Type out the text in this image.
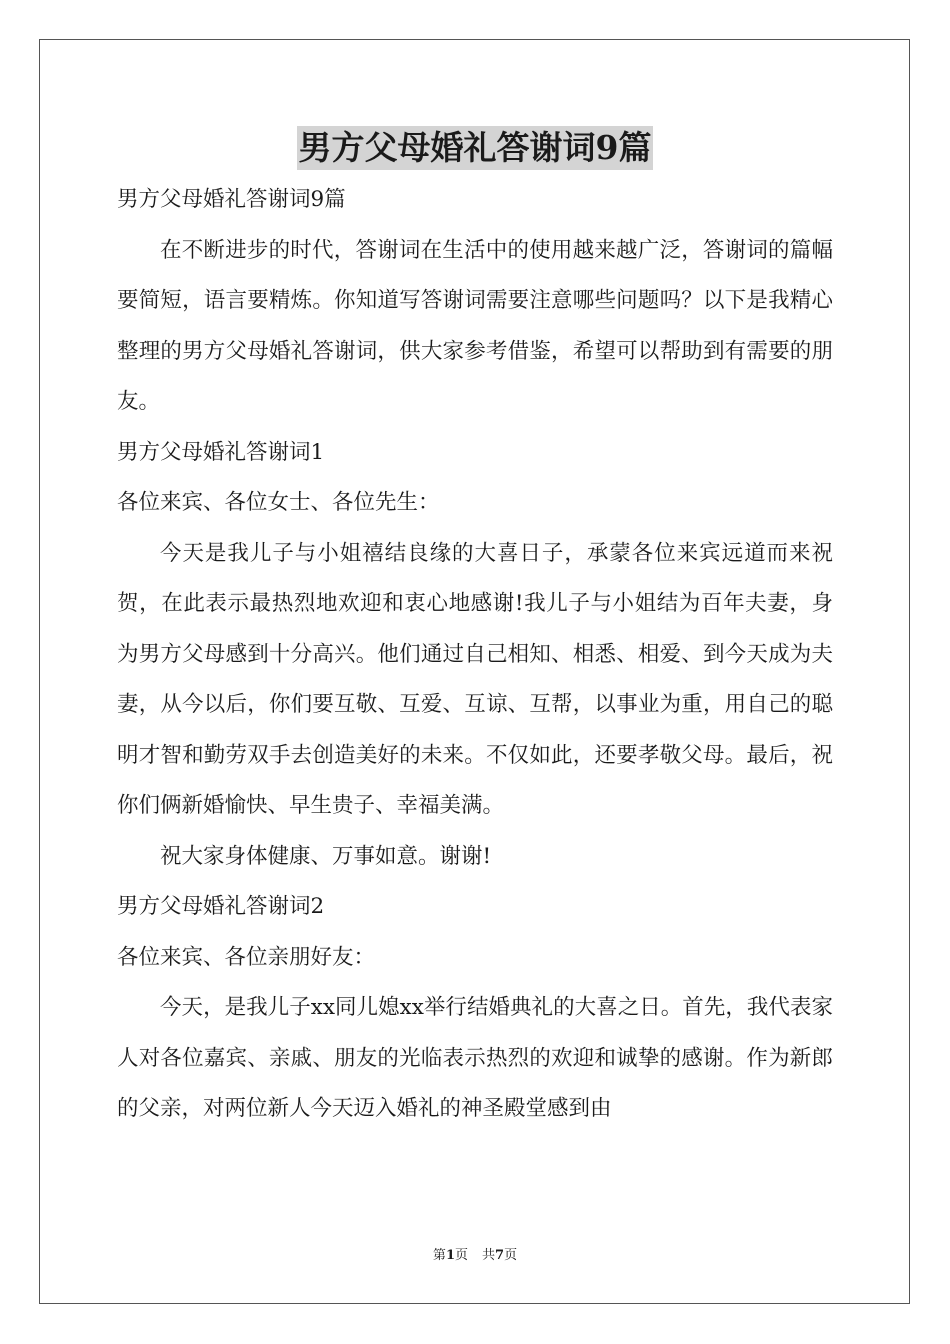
男方父母婚礼答谢词9篇

男方父母婚礼答谢词9篇

在不断进步的时代，答谢词在生活中的使用越来越广泛，答谢词的篇幅要简短，语言要精炼。你知道写答谢词需要注意哪些问题吗？以下是我精心整理的男方父母婚礼答谢词，供大家参考借鉴，希望可以帮助到有需要的朋友。

男方父母婚礼答谢词1

各位来宾、各位女士、各位先生：

今天是我儿子与小姐禧结良缘的大喜日子，承蒙各位来宾远道而来祝贺，在此表示最热烈地欢迎和衷心地感谢!我儿子与小姐结为百年夫妻，身为男方父母感到十分高兴。他们通过自己相知、相悉、相爱、到今天成为夫妻，从今以后，你们要互敬、互爱、互谅、互帮，以事业为重，用自己的聪明才智和勤劳双手去创造美好的未来。不仅如此，还要孝敬父母。最后，祝你们俩新婚愉快、早生贵子、幸福美满。

祝大家身体健康、万事如意。谢谢!

男方父母婚礼答谢词2

各位来宾、各位亲朋好友：

今天，是我儿子xx同儿媳xx举行结婚典礼的大喜之日。首先，我代表家人对各位嘉宾、亲戚、朋友的光临表示热烈的欢迎和诚挚的感谢。作为新郎的父亲，对两位新人今天迈入婚礼的神圣殿堂感到由

第1页 共7页
